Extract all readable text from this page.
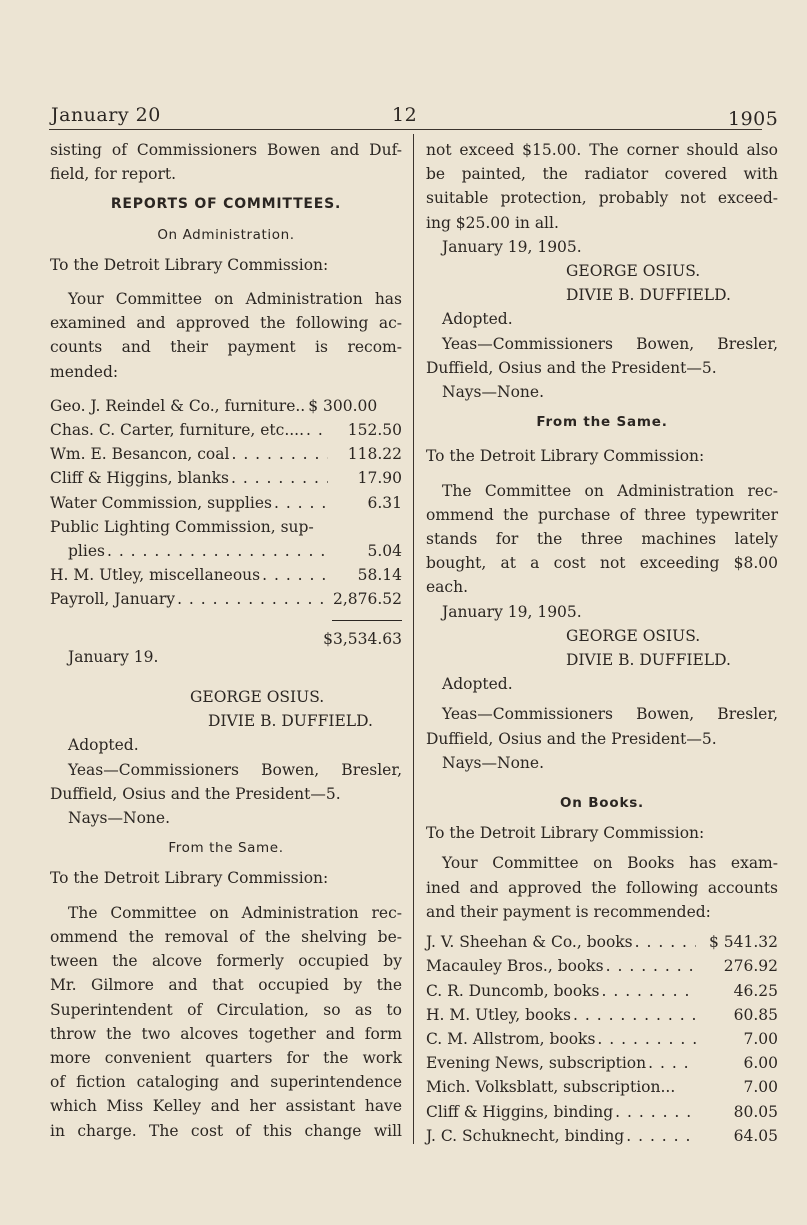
January 20	12	1905

sisting of Commissioners Bowen and Duf-

field, for report.

REPORTS OF COMMITTEES.

On Administration.

To the Detroit Library Commission:

Your Committee on Administration has

examined and approved the following ac-

counts and their payment is recom-

mended:

Geo. J. Reindel & Co., furniture.. $ 300.00
Chas. C. Carter, furniture, etc.... . . .	152.50
Wm. E. Besancon, coal . . .	118.22
Cliff & Higgins, blanks . . .	17.90
Water Commission, supplies . . .	6.31
Public Lighting Commission, sup-
plies . . .	5.04
H. M. Utley, miscellaneous . . .	58.14
Payroll, January . . .	2,876.52

$3,534.63

January 19.

GEORGE OSIUS.

DIVIE B. DUFFIELD.

Adopted.

Yeas—Commissioners Bowen, Bresler,

Duffield, Osius and the President—5.

Nays—None.

From the Same.

To the Detroit Library Commission:

The Committee on Administration rec-

ommend the removal of the shelving be-

tween the alcove formerly occupied by

Mr. Gilmore and that occupied by the

Superintendent of Circulation, so as to

throw the two alcoves together and form

more convenient quarters for the work

of fiction cataloging and superintendence

which Miss Kelley and her assistant have

in charge. The cost of this change will

not exceed $15.00. The corner should also

be painted, the radiator covered with

suitable protection, probably not exceed-

ing $25.00 in all.

January 19, 1905.

GEORGE OSIUS.

DIVIE B. DUFFIELD.

Adopted.

Yeas—Commissioners Bowen, Bresler,

Duffield, Osius and the President—5.

Nays—None.

From the Same.

To the Detroit Library Commission:

The Committee on Administration rec-

ommend the purchase of three typewriter

stands for the three machines lately

bought, at a cost not exceeding $8.00

each.

January 19, 1905.

GEORGE OSIUS.

DIVIE B. DUFFIELD.

Adopted.

Yeas—Commissioners Bowen, Bresler,

Duffield, Osius and the President—5.

Nays—None.

On Books.

To the Detroit Library Commission:

Your Committee on Books has exam-

ined and approved the following accounts

and their payment is recommended:

J. V. Sheehan & Co., books . . .	$ 541.32
Macauley Bros., books . . .	276.92
C. R. Duncomb, books . . .	46.25
H. M. Utley, books . . .	60.85
C. M. Allstrom, books . . .	7.00
Evening News, subscription . . .	6.00
Mich. Volksblatt, subscription...	7.00
Cliff & Higgins, binding . . .	80.05
J. C. Schuknecht, binding . . .	64.05
